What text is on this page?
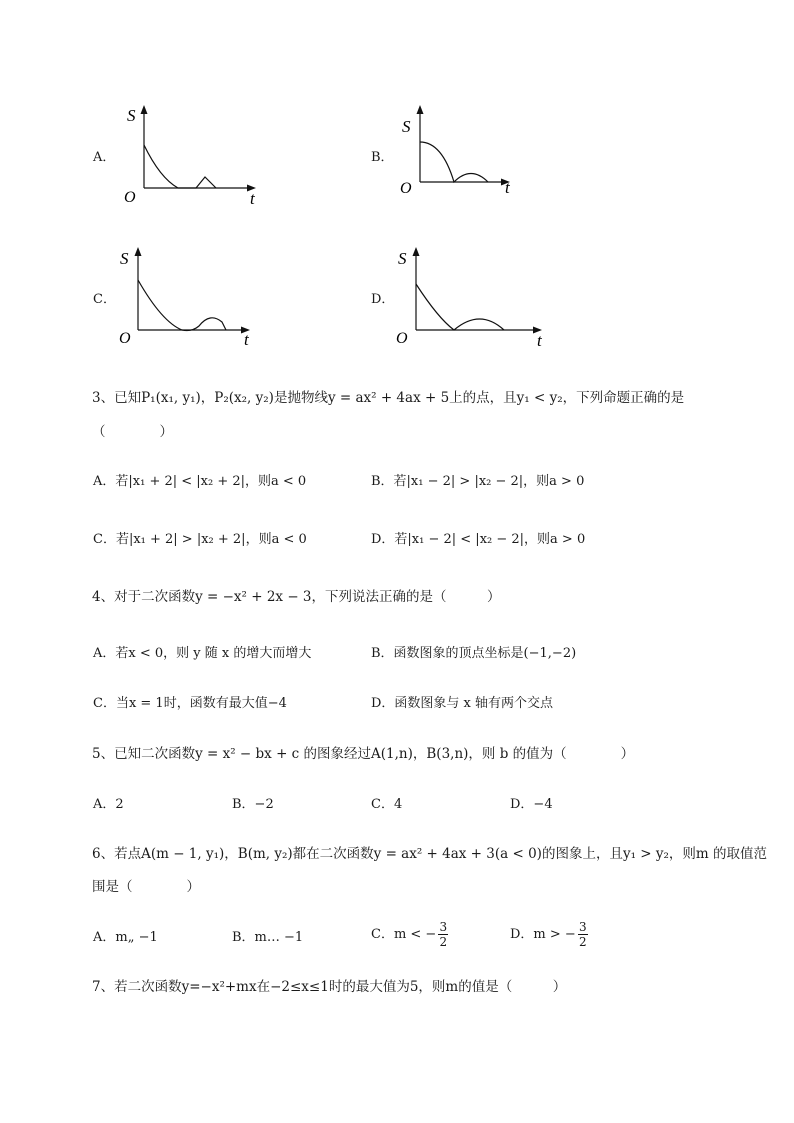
A．
S
O	t
B．
S
O	t
C．
S
O	t
D．
S
O	t
3、已知P₁(x₁, y₁)，P₂(x₂, y₂)是抛物线y = ax² + 4ax + 5上的点，且y₁ < y₂，下列命题正确的是
（　　　　）
A．若|x₁ + 2| < |x₂ + 2|，则a < 0	B．若|x₁ − 2| > |x₂ − 2|，则a > 0
C．若|x₁ + 2| > |x₂ + 2|，则a < 0	D．若|x₁ − 2| < |x₂ − 2|，则a > 0
4、对于二次函数y = −x² + 2x − 3，下列说法正确的是（　　　）
A．若x < 0，则 y 随 x 的增大而增大	B．函数图象的顶点坐标是(−1,−2)
C．当x = 1时，函数有最大值−4	D．函数图象与 x 轴有两个交点
5、已知二次函数y = x² − bx + c 的图象经过A(1,n)，B(3,n)，则 b 的值为（　　　　）
A．2	B．−2	C．4	D．−4
6、若点A(m − 1, y₁)，B(m, y₂)都在二次函数y = ax² + 4ax + 3(a < 0)的图象上，且y₁ > y₂，则m 的取值范
围是（　　　　）
A．m„ −1	B．m… −1	C．m < − 3
2
D．m > − 3
2
7、若二次函数y=−x²+mx在−2≤x≤1时的最大值为5，则m的值是（　　　）
